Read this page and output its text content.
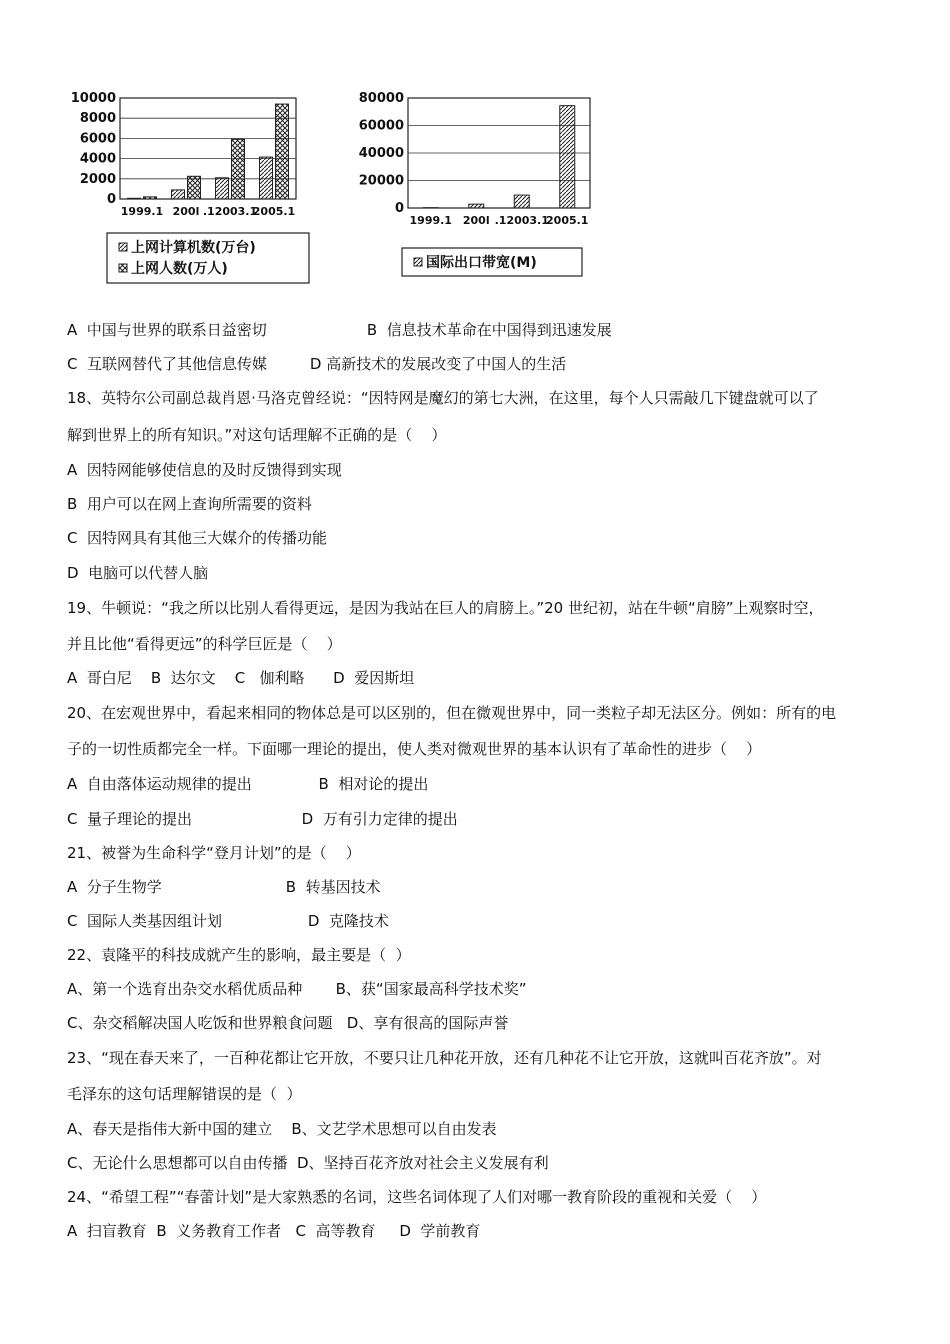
10000
8000
6000
4000
2000
0
1999.1 200l .12003.1
2005.1
上网计算机数(万台)
上网人数(万人)
80000
60000
40000
20000
0
1999.1 200l .12003.1
2005.1
国际出口带宽(M)
A  中国与世界的联系日益密切                     B  信息技术革命在中国得到迅速发展
C  互联网替代了其他信息传媒         D 高新技术的发展改变了中国人的生活
18、英特尔公司副总裁肖恩·马洛克曾经说：“因特网是魔幻的第七大洲，在这里，每个人只需敲几下键盘就可以了
解到世界上的所有知识。”对这句话理解不正确的是（    ）
A  因特网能够使信息的及时反馈得到实现
B  用户可以在网上查询所需要的资料
C  因特网具有其他三大媒介的传播功能
D  电脑可以代替人脑
19、牛顿说：“我之所以比别人看得更远，是因为我站在巨人的肩膀上。”20 世纪初，站在牛顿“肩膀”上观察时空，
并且比他“看得更远”的科学巨匠是（    ）
A  哥白尼    B  达尔文    C   伽利略      D  爱因斯坦
20、在宏观世界中，看起来相同的物体总是可以区别的，但在微观世界中，同一类粒子却无法区分。例如：所有的电
子的一切性质都完全一样。下面哪一理论的提出，使人类对微观世界的基本认识有了革命性的进步（    ）
A  自由落体运动规律的提出              B  相对论的提出
C  量子理论的提出                       D  万有引力定律的提出
21、被誉为生命科学“登月计划”的是（    ）
A  分子生物学                          B  转基因技术
C  国际人类基因组计划                  D  克隆技术
22、袁隆平的科技成就产生的影响，最主要是（  ）
A、第一个选育出杂交水稻优质品种       B、获“国家最高科学技术奖”
C、杂交稻解决国人吃饭和世界粮食问题   D、享有很高的国际声誉
23、“现在春天来了，一百种花都让它开放，不要只让几种花开放，还有几种花不让它开放，这就叫百花齐放”。对
毛泽东的这句话理解错误的是（  ）
A、春天是指伟大新中国的建立    B、文艺学术思想可以自由发表
C、无论什么思想都可以自由传播  D、坚持百花齐放对社会主义发展有利
24、“希望工程”“春蕾计划”是大家熟悉的名词，这些名词体现了人们对哪一教育阶段的重视和关爱（    ）
A  扫盲教育  B  义务教育工作者   C  高等教育     D  学前教育
